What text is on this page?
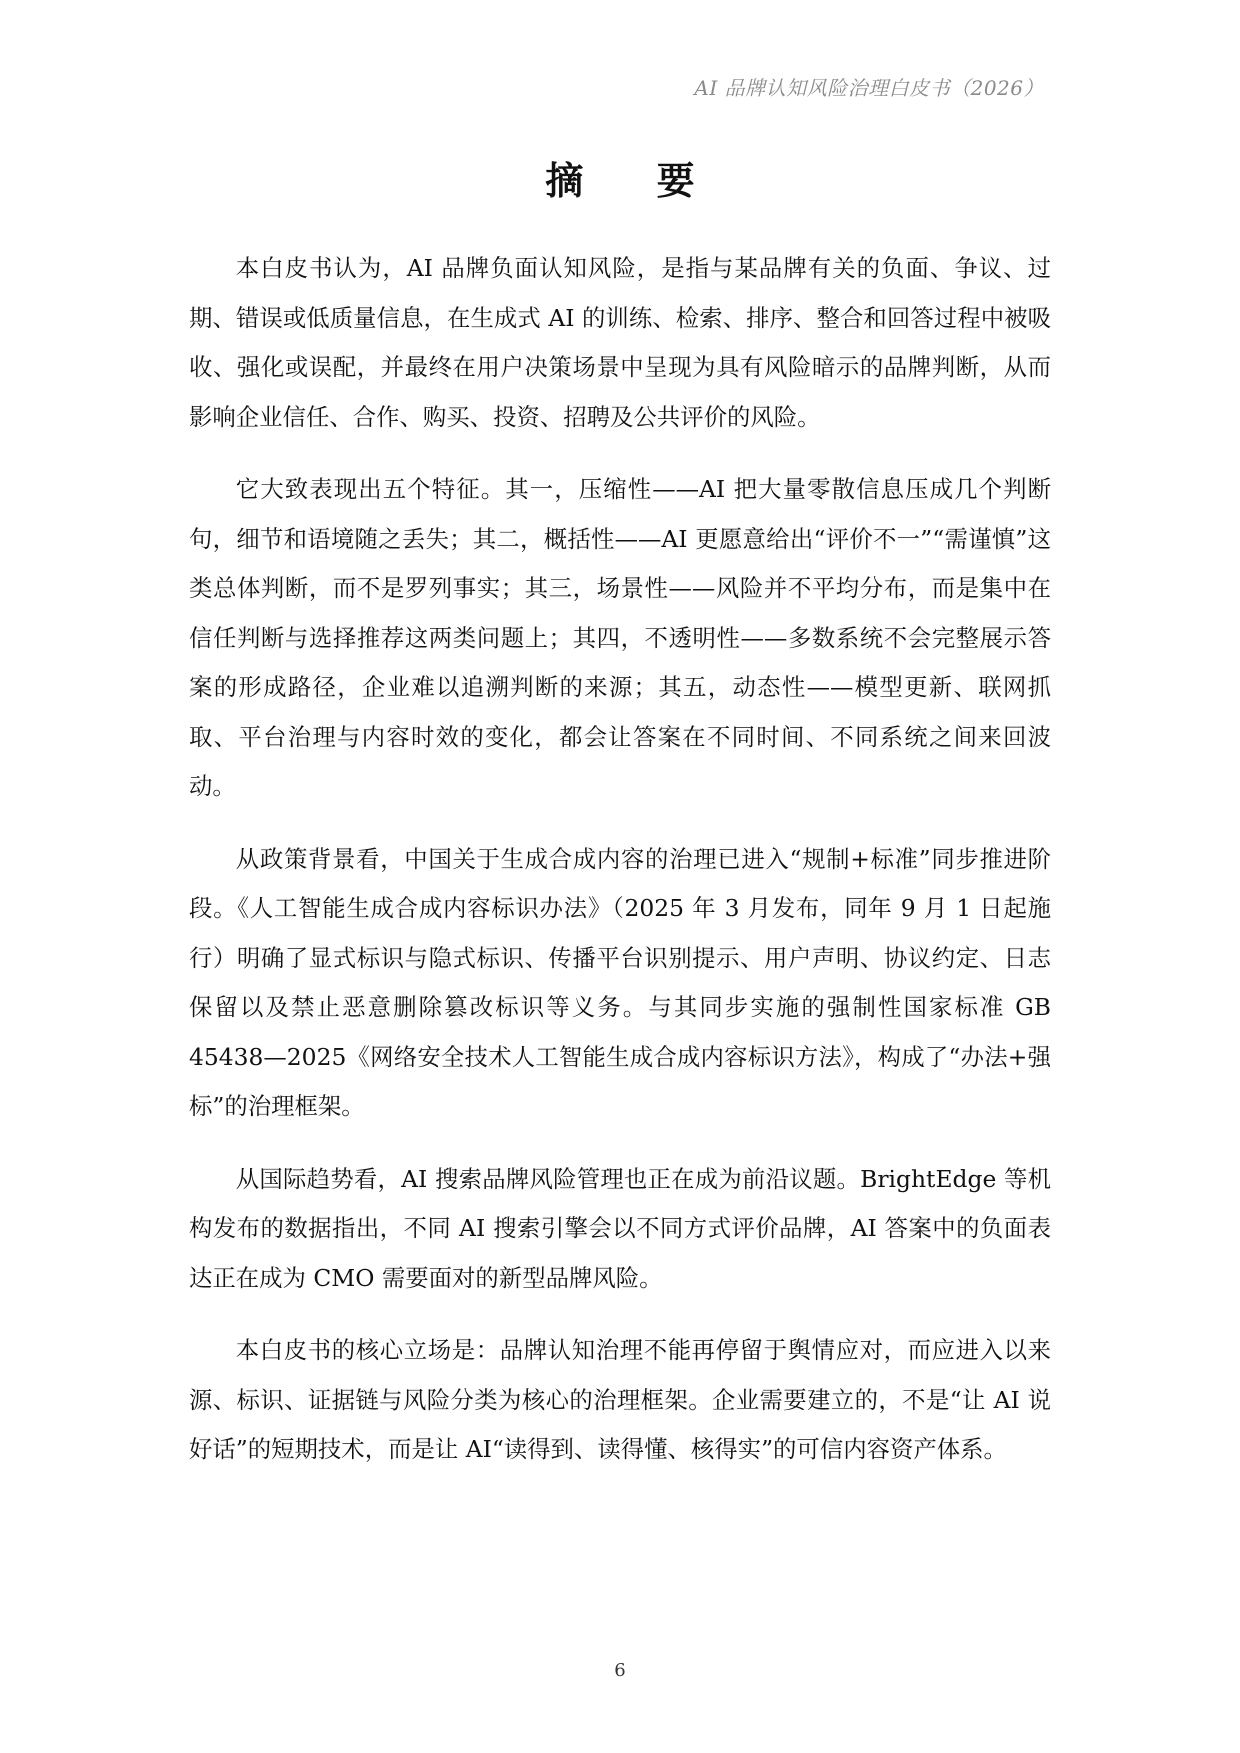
AI 品牌认知风险治理白皮书（2026）
摘 要

本白皮书认为，AI 品牌负面认知风险，是指与某品牌有关的负面、争议、过期、错误或低质量信息，在生成式 AI 的训练、检索、排序、整合和回答过程中被吸收、强化或误配，并最终在用户决策场景中呈现为具有风险暗示的品牌判断，从而影响企业信任、合作、购买、投资、招聘及公共评价的风险。

它大致表现出五个特征。其一，压缩性——AI 把大量零散信息压成几个判断句，细节和语境随之丢失；其二，概括性——AI 更愿意给出“评价不一”“需谨慎”这类总体判断，而不是罗列事实；其三，场景性——风险并不平均分布，而是集中在信任判断与选择推荐这两类问题上；其四，不透明性——多数系统不会完整展示答案的形成路径，企业难以追溯判断的来源；其五，动态性——模型更新、联网抓取、平台治理与内容时效的变化，都会让答案在不同时间、不同系统之间来回波动。

从政策背景看，中国关于生成合成内容的治理已进入“规制+标准”同步推进阶段。《人工智能生成合成内容标识办法》（2025 年 3 月发布，同年 9 月 1 日起施行）明确了显式标识与隐式标识、传播平台识别提示、用户声明、协议约定、日志保留以及禁止恶意删除篡改标识等义务。与其同步实施的强制性国家标准 GB 45438—2025《网络安全技术人工智能生成合成内容标识方法》，构成了“办法+强标”的治理框架。

从国际趋势看，AI 搜索品牌风险管理也正在成为前沿议题。BrightEdge 等机构发布的数据指出，不同 AI 搜索引擎会以不同方式评价品牌，AI 答案中的负面表达正在成为 CMO 需要面对的新型品牌风险。

本白皮书的核心立场是：品牌认知治理不能再停留于舆情应对，而应进入以来源、标识、证据链与风险分类为核心的治理框架。企业需要建立的，不是“让 AI 说好话”的短期技术，而是让 AI“读得到、读得懂、核得实”的可信内容资产体系。

6
